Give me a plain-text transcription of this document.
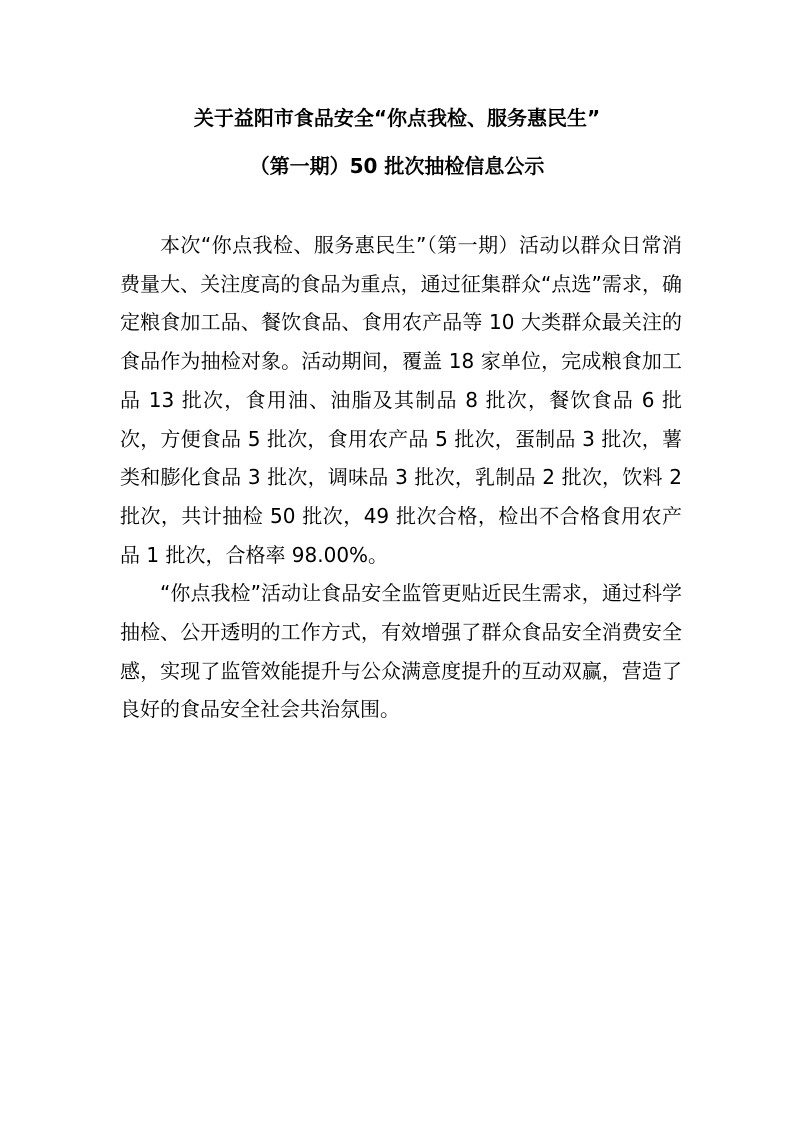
关于益阳市食品安全“你点我检、服务惠民生”
（第一期）50 批次抽检信息公示

本次“你点我检、服务惠民生”（第一期）活动以群众日常消费量大、关注度高的食品为重点，通过征集群众“点选”需求，确定粮食加工品、餐饮食品、食用农产品等 10 大类群众最关注的食品作为抽检对象。活动期间，覆盖 18 家单位，完成粮食加工品 13 批次，食用油、油脂及其制品 8 批次，餐饮食品 6 批次，方便食品 5 批次，食用农产品 5 批次，蛋制品 3 批次，薯类和膨化食品 3 批次，调味品 3 批次，乳制品 2 批次，饮料 2 批次，共计抽检 50 批次，49 批次合格，检出不合格食用农产品 1 批次，合格率 98.00%。

“你点我检”活动让食品安全监管更贴近民生需求，通过科学抽检、公开透明的工作方式，有效增强了群众食品安全消费安全感，实现了监管效能提升与公众满意度提升的互动双赢，营造了良好的食品安全社会共治氛围。
